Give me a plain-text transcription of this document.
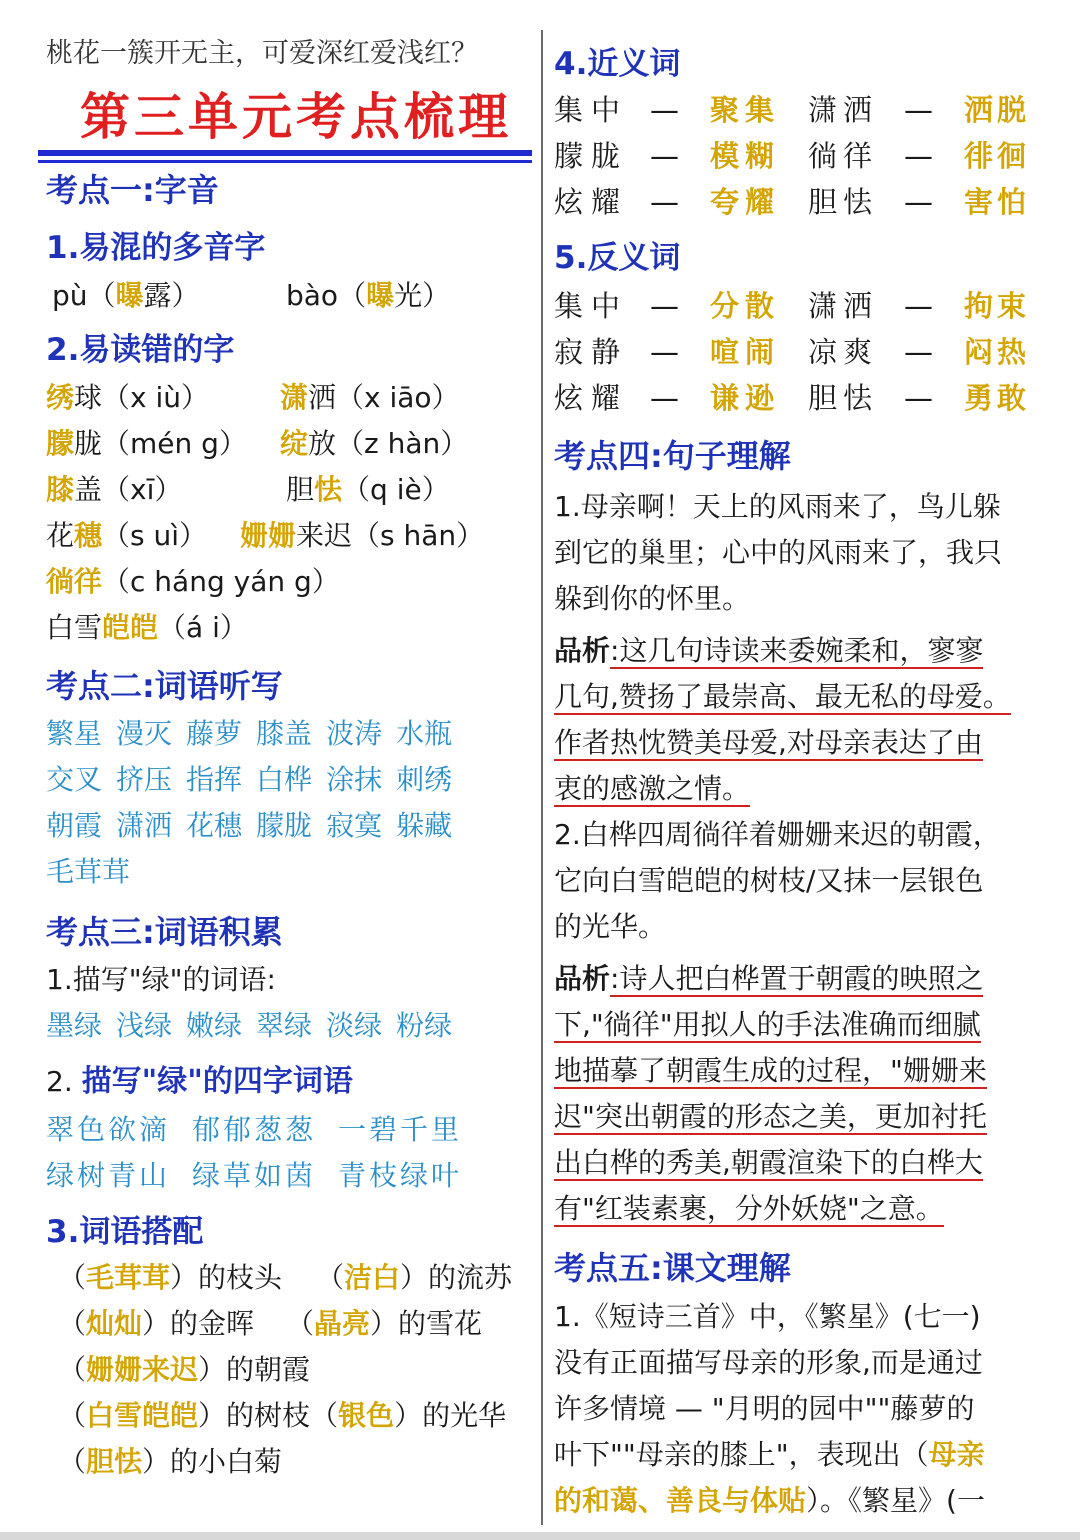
桃花一簇开无主，可爱深红爱浅红？
第三单元考点梳理
考点一:字音
1.易混的多音字
pù（曝露）	bào（曝光）
2.易读错的字
绣球（x iù）	潇洒（x iāo）
朦胧（mén g） 绽放（z hàn）
膝盖（xī）	胆怯（q iè）
花穗（s uì） 姗姗来迟（s hān）
徜徉（c háng yán g）
白雪皑皑（á i）
考点二:词语听写
繁星 漫灭 藤萝 膝盖 波涛 水瓶
交叉 挤压 指挥 白桦 涂抹 刺绣
朝霞 潇洒 花穗 朦胧 寂寞 躲藏
毛茸茸
考点三:词语积累
1.描写"绿"的词语:
墨绿 浅绿 嫩绿 翠绿 淡绿 粉绿
2. 描写"绿"的四字词语
翠色欲滴 郁郁葱葱 一碧千里
绿树青山 绿草如茵 青枝绿叶
3.词语搭配
（毛茸茸）的枝头 （洁白）的流苏
（灿灿）的金晖 （晶亮）的雪花
（姗姗来迟）的朝霞
（白雪皑皑）的树枝（银色）的光华
（胆怯）的小白菊
4.近义词
集中 — 聚集 潇洒 — 洒脱
朦胧 — 模糊 徜徉 — 徘徊
炫耀 — 夸耀 胆怯 — 害怕
5.反义词
集中 — 分散 潇洒 — 拘束
寂静 — 喧闹 凉爽 — 闷热
炫耀 — 谦逊 胆怯 — 勇敢
考点四:句子理解
1.母亲啊！天上的风雨来了，鸟儿躲
到它的巢里；心中的风雨来了，我只
躲到你的怀里。
品析:这几句诗读来委婉柔和，寥寥
几句,赞扬了最崇高、最无私的母爱。
作者热忱赞美母爱,对母亲表达了由
衷的感激之情。
2.白桦四周徜徉着姗姗来迟的朝霞，
它向白雪皑皑的树枝/又抹一层银色
的光华。
品析:诗人把白桦置于朝霞的映照之
下,"徜徉"用拟人的手法准确而细腻
地描摹了朝霞生成的过程，"姗姗来
迟"突出朝霞的形态之美，更加衬托
出白桦的秀美,朝霞渲染下的白桦大
有"红装素裹，分外妖娆"之意。
考点五:课文理解
1.《短诗三首》中，《繁星》(七一)
没有正面描写母亲的形象,而是通过
许多情境 — "月明的园中""藤萝的
叶下""母亲的膝上"，表现出（母亲
的和蔼、善良与体贴）。《繁星》(一
